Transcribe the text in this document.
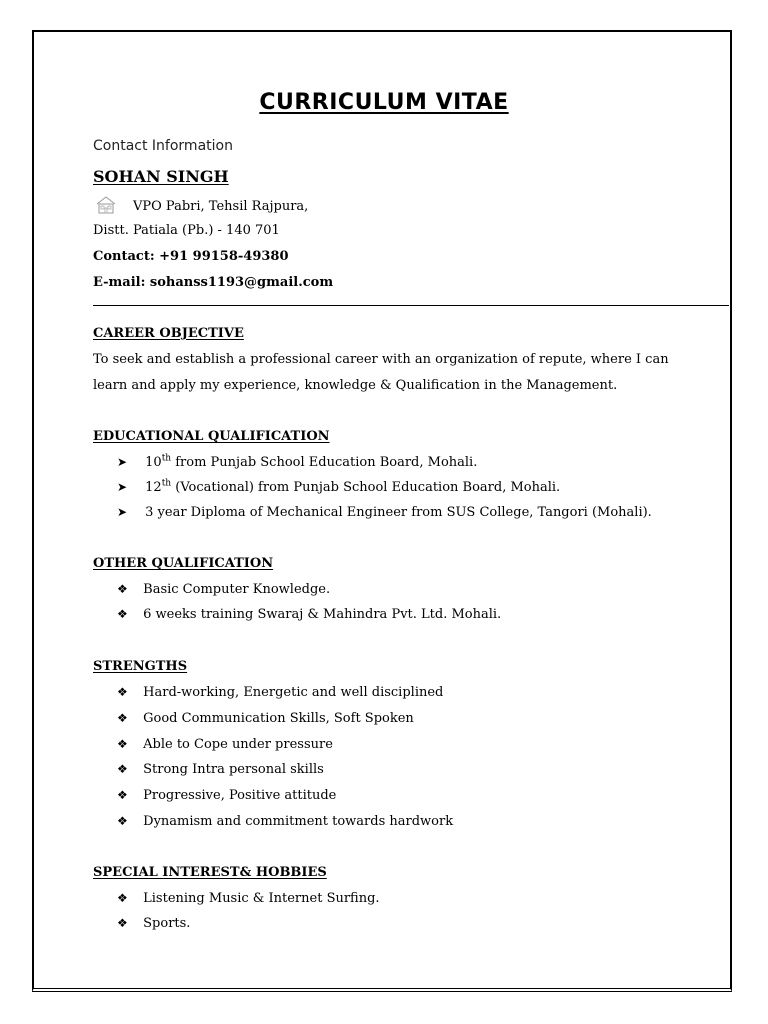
CURRICULUM VITAE
Contact Information
SOHAN SINGH
VPO Pabri, Tehsil Rajpura,
Distt. Patiala (Pb.) - 140 701
Contact: +91 99158-49380
E-mail: sohanss1193@gmail.com
CAREER OBJECTIVE
To seek and establish a professional career with an organization of repute, where I can
learn and apply my experience, knowledge & Qualification in the Management.
EDUCATIONAL QUALIFICATION
➤ 10th from Punjab School Education Board, Mohali.
➤ 12th (Vocational) from Punjab School Education Board, Mohali.
➤ 3 year Diploma of Mechanical Engineer from SUS College, Tangori (Mohali).
OTHER QUALIFICATION
❖ Basic Computer Knowledge.
❖ 6 weeks training Swaraj & Mahindra Pvt. Ltd. Mohali.
STRENGTHS
❖ Hard-working, Energetic and well disciplined
❖ Good Communication Skills, Soft Spoken
❖ Able to Cope under pressure
❖ Strong Intra personal skills
❖ Progressive, Positive attitude
❖ Dynamism and commitment towards hardwork
SPECIAL INTEREST& HOBBIES
❖ Listening Music & Internet Surfing.
❖ Sports.
